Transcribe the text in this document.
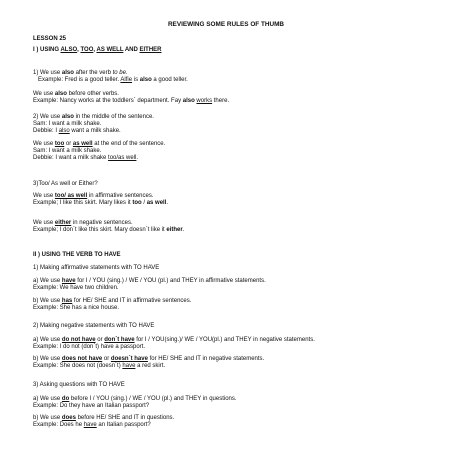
REVIEWING SOME RULES OF THUMB
LESSON 25
I ) USING ALSO, TOO, AS WELL AND EITHER
1) We use also after the verb to be.
Example: Fred is a good teller. Alfie is also a good teller.
We use also before other verbs.
Example: Nancy works at the toddlers` department. Fay also works there.
2) We use also in the middle of the sentence.
Sam: I want a milk shake.
Debbie: I also want a milk shake.
We use too or as well at the end of the sentence.
Sam: I want a milk shake.
Debbie: I want a milk shake too/as well.
3)Too/ As well or Either?
We use too/ as well in affirmative sentences.
Example; I like this skirt. Mary likes it too / as well.
We use either in negative sentences.
Example; I don`t like this skirt. Mary doesn`t like it either.
II ) USING THE VERB TO HAVE
1) Making affirmative statements with TO HAVE
a) We use have for I / YOU (sing.) / WE / YOU (pl.) and THEY in affirmative statements.
Example: We have two children.
b) We use has for HE/ SHE and IT in affirmative sentences.
Example: She has a nice house.
2) Making negative statements with TO HAVE
a) We use do not have or don`t have for I / YOU(sing.)/ WE / YOU(pl.) and THEY in negative statements.
Example: I do not (don`t) have a passport.
b) We use does not have or doesn`t have for HE/ SHE and IT in negative statements.
Example: She does not (doesn`t) have a red skirt.
3) Asking questions with TO HAVE
a) We use do before I / YOU (sing.) / WE / YOU (pl.) and THEY in questions.
Example: Do they have an Italian passport?
b) We use does before HE/ SHE and IT in questions.
Example: Does he have an Italian passport?
